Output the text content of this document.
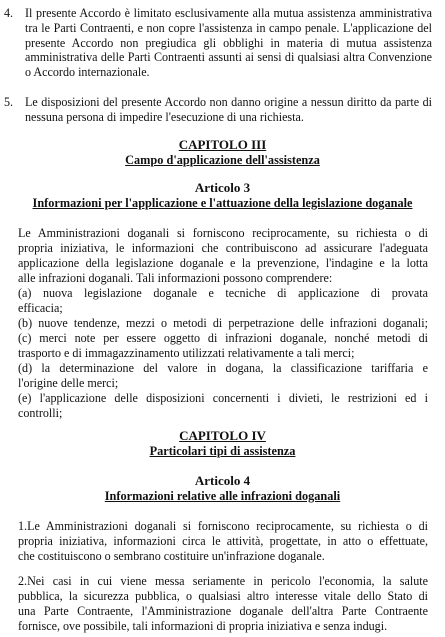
4. Il presente Accordo è limitato esclusivamente alla mutua assistenza amministrativa tra le Parti Contraenti, e non copre l'assistenza in campo penale. L'applicazione del presente Accordo non pregiudica gli obblighi in materia di mutua assistenza amministrativa delle Parti Contraenti assunti ai sensi di qualsiasi altra Convenzione o Accordo internazionale.
5. Le disposizioni del presente Accordo non danno origine a nessun diritto da parte di nessuna persona di impedire l'esecuzione di una richiesta.
CAPITOLO III
Campo d'applicazione dell'assistenza
Articolo 3
Informazioni per l'applicazione e l'attuazione della legislazione doganale

Le Amministrazioni doganali si forniscono reciprocamente, su richiesta o di

propria iniziativa, le informazioni che contribuiscono ad assicurare l'adeguata

applicazione della legislazione doganale e la prevenzione, l'indagine e la lotta

alle infrazioni doganali. Tali informazioni possono comprendere:

(a) nuova legislazione doganale e tecniche di applicazione di provata

efficacia;

(b) nuove tendenze, mezzi o metodi di perpetrazione delle infrazioni doganali;

(c) merci note per essere oggetto di infrazioni doganale, nonché metodi di

trasporto e di immagazzinamento utilizzati relativamente a tali merci;

(d) la determinazione del valore in dogana, la classificazione tariffaria e

l'origine delle merci;

(e) l'applicazione delle disposizioni concernenti i divieti, le restrizioni ed i

controlli;

CAPITOLO IV
Particolari tipi di assistenza
Articolo 4
Informazioni relative alle infrazioni doganali

1.Le Amministrazioni doganali si forniscono reciprocamente, su richiesta o di

propria iniziativa, informazioni circa le attività, progettate, in atto o effettuate,

che costituiscono o sembrano costituire un'infrazione doganale.

2.Nei casi in cui viene messa seriamente in pericolo l'economia, la salute

pubblica, la sicurezza pubblica, o qualsiasi altro interesse vitale dello Stato di

una Parte Contraente, l'Amministrazione doganale dell'altra Parte Contraente

fornisce, ove possibile, tali informazioni di propria iniziativa e senza indugi.
